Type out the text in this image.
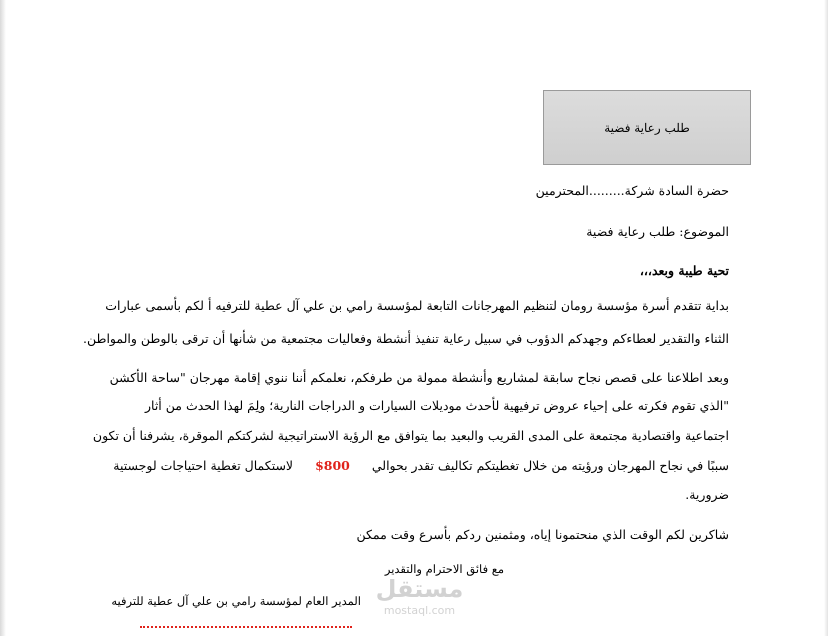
طلب رعاية فضية
حضرة السادة شركة.........المحترمين
الموضوع: طلب رعاية فضية
تحية طيبة وبعد،،،
بداية تتقدم أسرة مؤسسة رومان لتنظيم المهرجانات التابعة لمؤسسة رامي بن علي آل عطية للترفيه أ لكم بأسمى عبارات
الثناء والتقدير لعطاءكم وجهدكم الدؤوب في سبيل رعاية تنفيذ أنشطة وفعاليات مجتمعية من شأنها أن ترقى بالوطن والمواطن.
وبعد اطلاعنا على قصص نجاح سابقة لمشاريع وأنشطة ممولة من طرفكم، نعلمكم أننا ننوي إقامة مهرجان "ساحة الأكشن
"الذي تقوم فكرته على إحياء عروض ترفيهية لأحدث موديلات السيارات و الدراجات النارية؛ ولِمَ لهذا الحدث من أثار
اجتماعية واقتصادية مجتمعة على المدى القريب والبعيد بما يتوافق مع الرؤية الاستراتيجية لشركتكم الموقرة، يشرفنا أن تكون
سببًا في نجاح المهرجان ورؤيته من خلال تغطيتكم تكاليف تقدر بحوالي $800 لاستكمال تغطية احتياجات لوجستية
ضرورية.
شاكرين لكم الوقت الذي منحتمونا إياه، ومثمنين ردكم بأسرع وقت ممكن
مع فائق الاحترام والتقدير
المدير العام لمؤسسة رامي بن علي آل عطية للترفيه مستقل
mostaql.com
